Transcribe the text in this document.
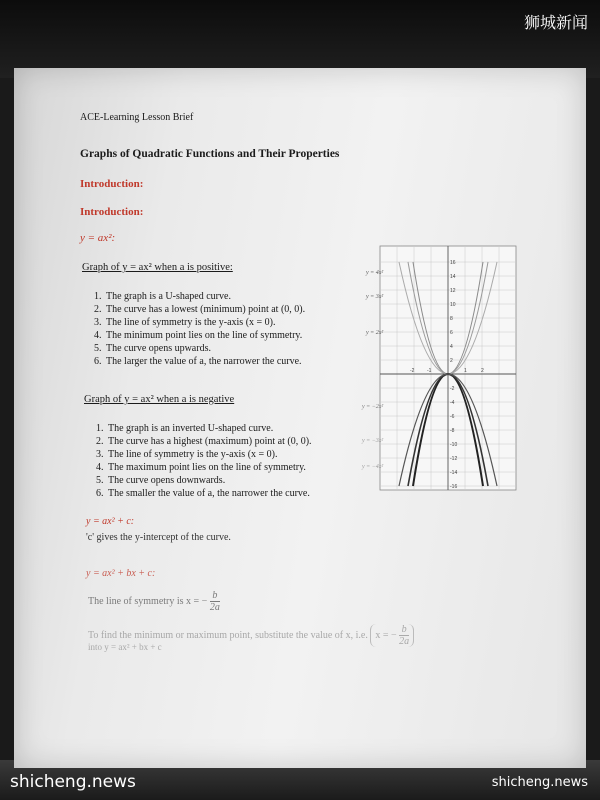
ACE-Learning Lesson Brief
Graphs of Quadratic Functions and Their Properties
Introduction:
Introduction:
y = ax²:
Graph of y = ax² when a is positive:
1. The graph is a U-shaped curve.
2. The curve has a lowest (minimum) point at (0, 0).
3. The line of symmetry is the y-axis (x = 0).
4. The minimum point lies on the line of symmetry.
5. The curve opens upwards.
6. The larger the value of a, the narrower the curve.
Graph of y = ax² when a is negative
1. The graph is an inverted U-shaped curve.
2. The curve has a highest (maximum) point at (0, 0).
3. The line of symmetry is the y-axis (x = 0).
4. The maximum point lies on the line of symmetry.
5. The curve opens downwards.
6. The smaller the value of a, the narrower the curve.
y = ax² + c:
'c' gives the y-intercept of the curve.
y = ax² + bx + c:
The line of symmetry is x = − $\frac{b}{2a}$
To find the minimum or maximum point, substitute the value of x, i.e. x = − $\frac{b}{2a}$
into y = ax² + bx + c
16
14
12
10
8
6
4
2
-2
-4
-6
-8
-10
-12
-14
-16
-2	-1	1	2
y = 4x²
y = 3x²
y = 2x²
y = −2x²
y = −3x²
y = −4x²
狮城新闻
shicheng.news	shicheng.news
